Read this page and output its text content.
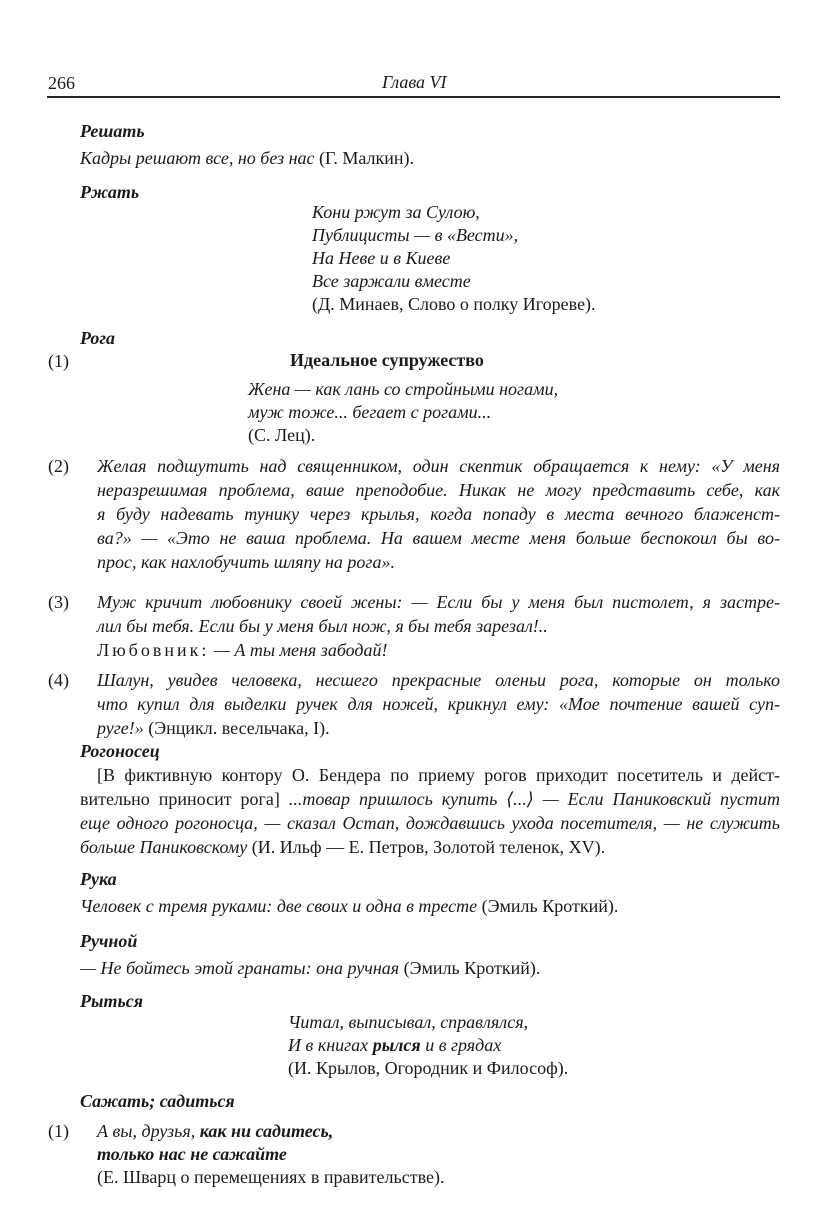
266	Глава VI
Решать
Кадры решают все, но без нас (Г. Малкин).
Ржать
Кони ржут за Сулою,
Публицисты — в «Вести»,
На Неве и в Киеве
Все заржали вместе
(Д. Минаев, Слово о полку Игореве).
Рога
(1)	Идеальное супружество
Жена — как лань со стройными ногами,
муж тоже... бегает с рогами...
(С. Лец).
(2) Желая подшутить над священником, один скептик обращается к нему: «У меня
неразрешимая проблема, ваше преподобие. Никак не могу представить себе, как
я буду надевать тунику через крылья, когда попаду в места вечного блаженст-
ва?» — «Это не ваша проблема. На вашем месте меня больше беспокоил бы во-
прос, как нахлобучить шляпу на рога».
(3) Муж кричит любовнику своей жены: — Если бы у меня был пистолет, я застре-
лил бы тебя. Если бы у меня был нож, я бы тебя зарезал!..
Любовник: — А ты меня забодай!
(4) Шалун, увидев человека, несшего прекрасные оленьи рога, которые он только
что купил для выделки ручек для ножей, крикнул ему: «Мое почтение вашей суп-
руге!» (Энцикл. весельчака, I).
Рогоносец
[В фиктивную контору О. Бендера по приему рогов приходит посетитель и дейст-
вительно приносит рога] ...товар пришлось купить ⟨...⟩ — Если Паниковский пустит
еще одного рогоносца, — сказал Остап, дождавшись ухода посетителя, — не служить
больше Паниковскому (И. Ильф — Е. Петров, Золотой теленок, XV).
Рука
Человек с тремя руками: две своих и одна в тресте (Эмиль Кроткий).
Ручной
— Не бойтесь этой гранаты: она ручная (Эмиль Кроткий).
Рыться
Читал, выписывал, справлялся,
И в книгах рылся и в грядах
(И. Крылов, Огородник и Философ).
Сажать; садиться
(1) А вы, друзья, как ни садитесь,
только нас не сажайте
(Е. Шварц о перемещениях в правительстве).
